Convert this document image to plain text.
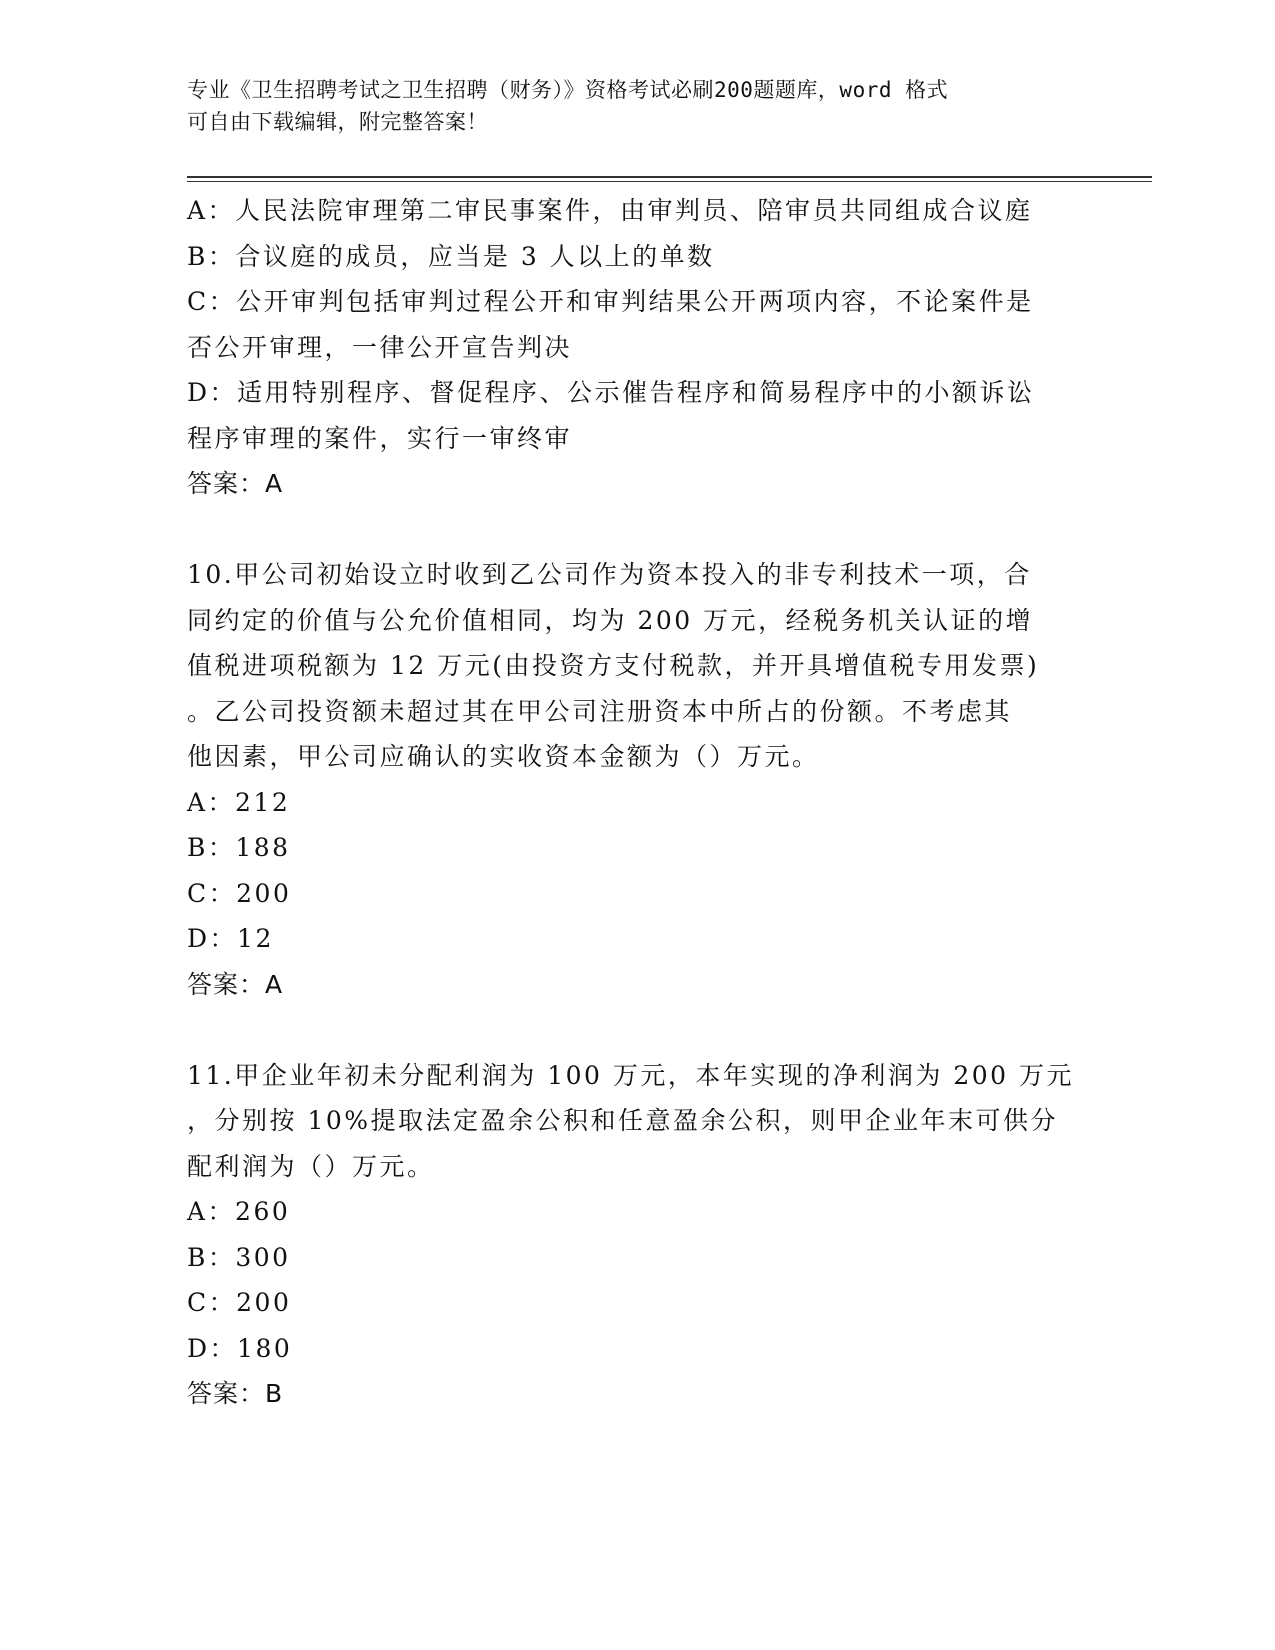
专业《卫生招聘考试之卫生招聘（财务）》资格考试必刷200题题库，word 格式
可自由下载编辑，附完整答案！
A：人民法院审理第二审民事案件，由审判员、陪审员共同组成合议庭
B：合议庭的成员，应当是 3 人以上的单数
C：公开审判包括审判过程公开和审判结果公开两项内容，不论案件是
否公开审理，一律公开宣告判决
D：适用特别程序、督促程序、公示催告程序和简易程序中的小额诉讼
程序审理的案件，实行一审终审
答案：A
10.甲公司初始设立时收到乙公司作为资本投入的非专利技术一项，合
同约定的价值与公允价值相同，均为 200 万元，经税务机关认证的增
值税进项税额为 12 万元(由投资方支付税款，并开具增值税专用发票)
。乙公司投资额未超过其在甲公司注册资本中所占的份额。不考虑其
他因素，甲公司应确认的实收资本金额为（）万元。
A：212
B：188
C：200
D：12
答案：A
11.甲企业年初未分配利润为 100 万元，本年实现的净利润为 200 万元
，分别按 10%提取法定盈余公积和任意盈余公积，则甲企业年末可供分
配利润为（）万元。
A：260
B：300
C：200
D：180
答案：B
